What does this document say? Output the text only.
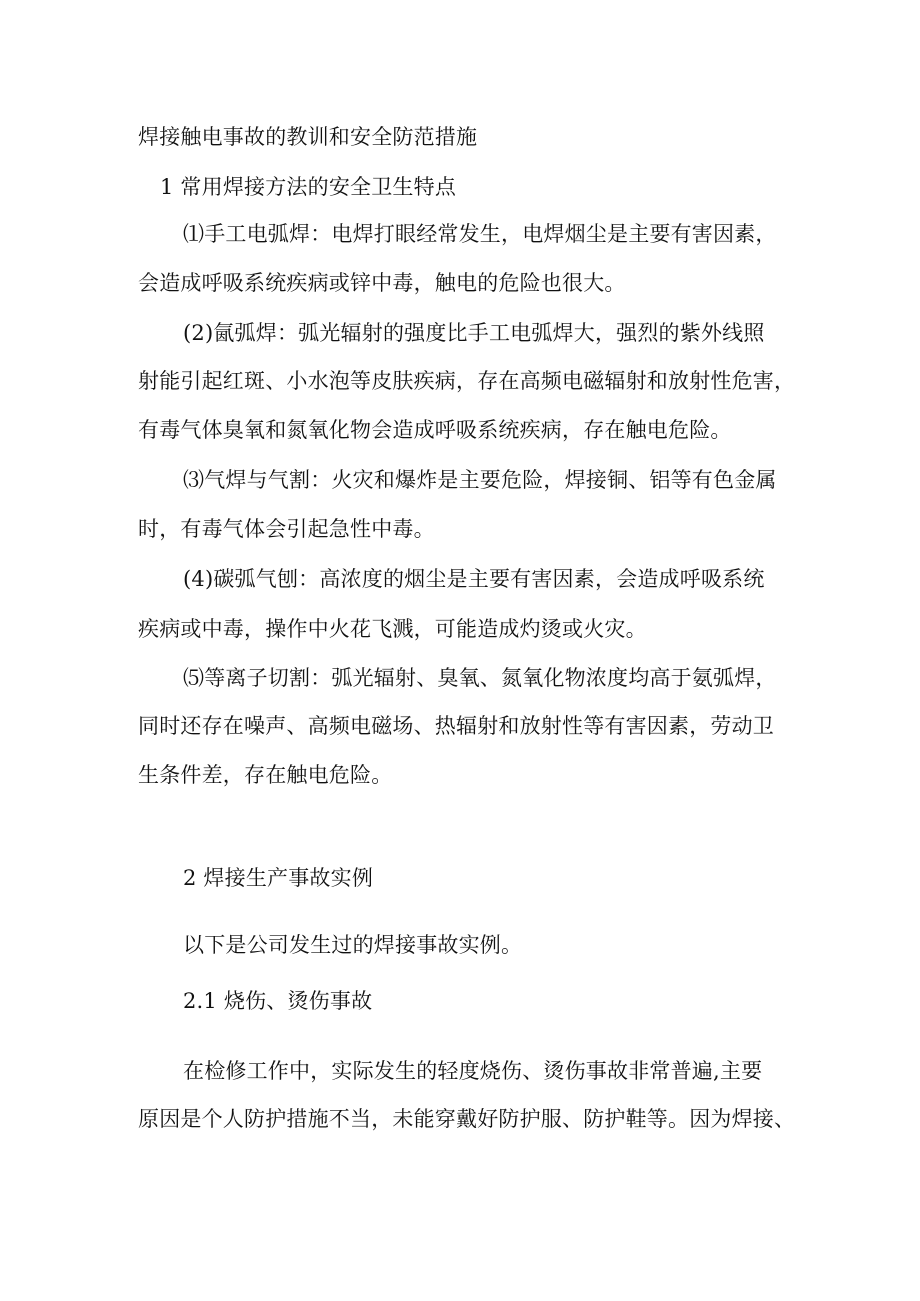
焊接触电事故的教训和安全防范措施
1 常用焊接方法的安全卫生特点
⑴手工电弧焊：电焊打眼经常发生，电焊烟尘是主要有害因素，
会造成呼吸系统疾病或锌中毒，触电的危险也很大。
(2)氤弧焊：弧光辐射的强度比手工电弧焊大，强烈的紫外线照
射能引起红斑、小水泡等皮肤疾病，存在高频电磁辐射和放射性危害，
有毒气体臭氧和氮氧化物会造成呼吸系统疾病，存在触电危险。
⑶气焊与气割：火灾和爆炸是主要危险，焊接铜、铝等有色金属
时，有毒气体会引起急性中毒。
(4)碳弧气刨：高浓度的烟尘是主要有害因素，会造成呼吸系统
疾病或中毒，操作中火花飞溅，可能造成灼烫或火灾。
⑸等离子切割：弧光辐射、臭氧、氮氧化物浓度均高于氨弧焊，
同时还存在噪声、高频电磁场、热辐射和放射性等有害因素，劳动卫
生条件差，存在触电危险。
2 焊接生产事故实例
以下是公司发生过的焊接事故实例。
2.1 烧伤、烫伤事故
在检修工作中，实际发生的轻度烧伤、烫伤事故非常普遍,主要
原因是个人防护措施不当，未能穿戴好防护服、防护鞋等。因为焊接、
